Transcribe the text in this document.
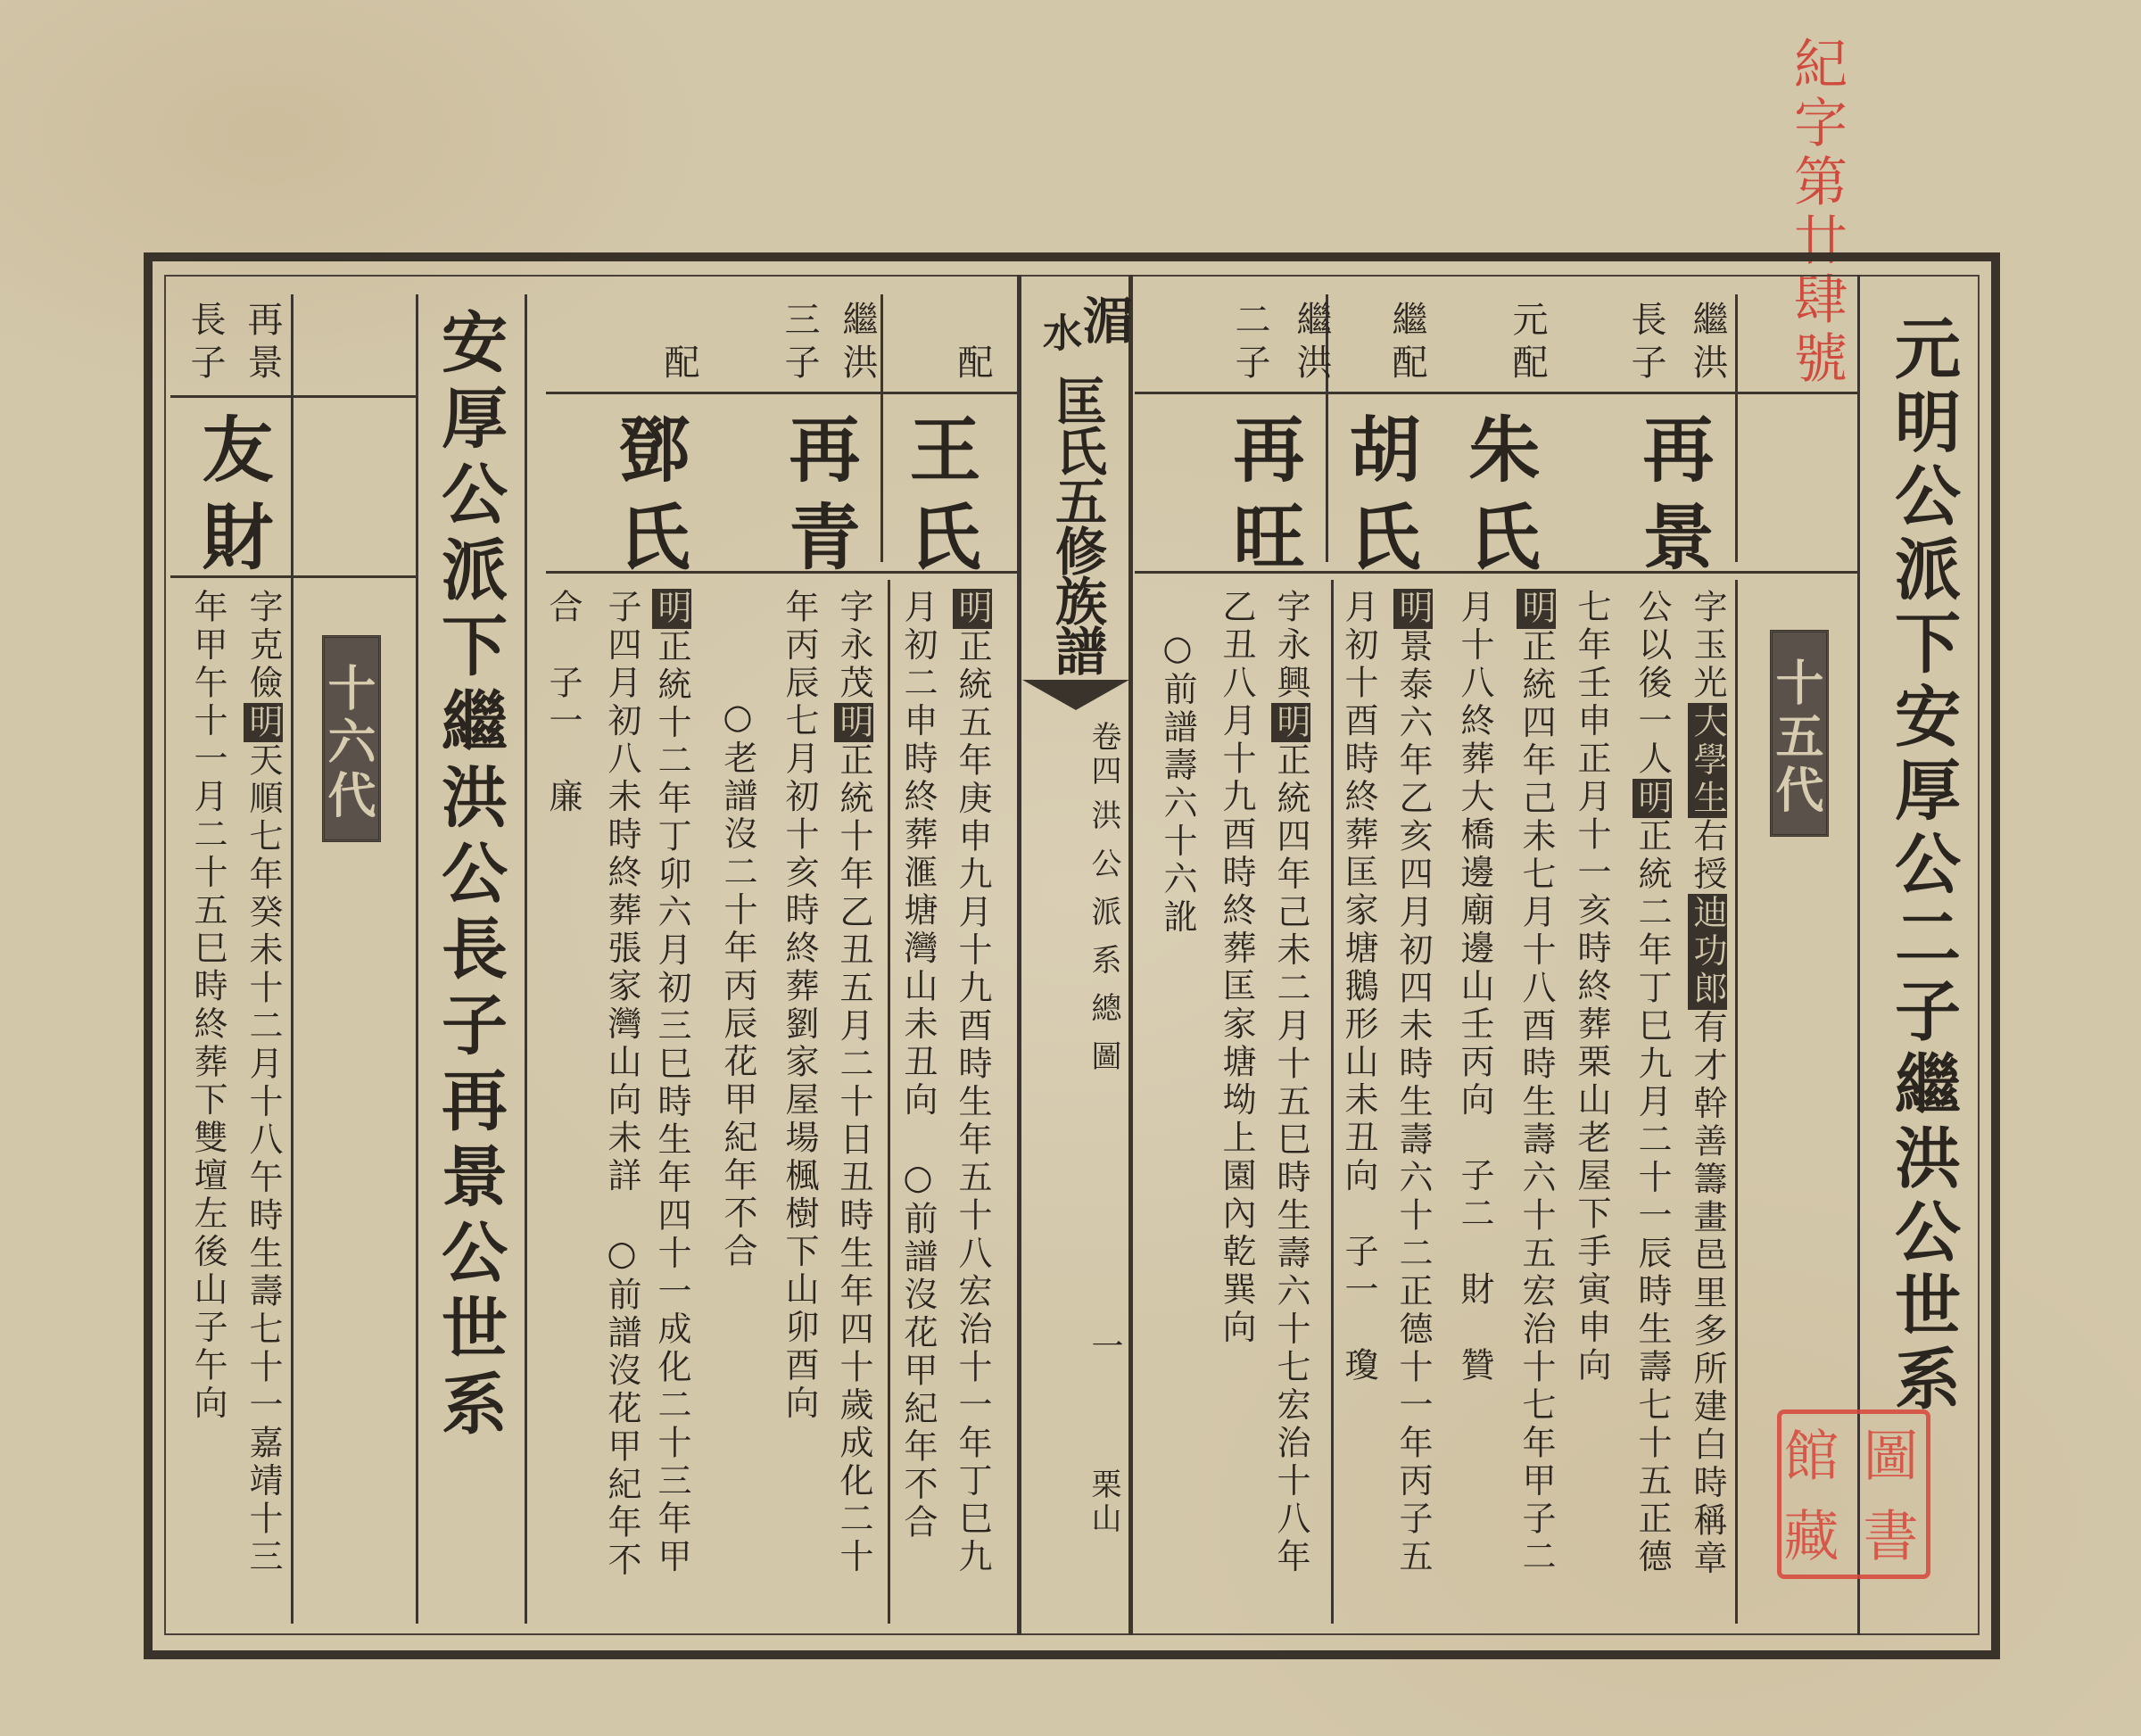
紀字第廿肆號
元明公派下安厚公二子繼洪公世系
十五代
繼洪
長子
元配
繼配
繼洪
二子
再景
朱氏
胡氏
再旺
字玉光大學生右授迪功郎有才幹善籌畫邑里多所建白時稱章
公以後一人明正統二年丁巳九月二十一辰時生壽七十五正德
七年壬申正月十一亥時終葬栗山老屋下手寅申向
明正統四年己未七月十八酉時生壽六十五宏治十七年甲子二
月十八終葬大橋邊廟邊山壬丙向　子二　財　贊
明景泰六年乙亥四月初四未時生壽六十二正德十一年丙子五
月初十酉時終葬匡家塘鵝形山未丑向　子一　瓊
字永興明正統四年己未二月十五巳時生壽六十七宏治十八年
乙丑八月十九酉時終葬匡家塘坳上園內乾巽向
○前譜壽六十六訛
圖
書
館
藏
湄
水
匡氏五修族譜
卷四
洪公派系總圖
一
栗山
配
繼洪
三子
配
王氏
再青
鄧氏
明正統五年庚申九月十九酉時生年五十八宏治十一年丁巳九
月初二申時終葬滙塘灣山未丑向　○前譜沒花甲紀年不合
字永茂明正統十年乙丑五月二十日丑時生年四十歲成化二十
年丙辰七月初十亥時終葬劉家屋場楓樹下山卯酉向
○老譜沒二十年丙辰花甲紀年不合
明正統十二年丁卯六月初三巳時生年四十一成化二十三年甲
子四月初八未時終葬張家灣山向未詳　○前譜沒花甲紀年不
合　子一　廉
安厚公派下繼洪公長子再景公世系
再景
長子
友財
十六代
字克儉明天順七年癸未十二月十八午時生壽七十一嘉靖十三
年甲午十一月二十五巳時終葬下雙壇左後山子午向
